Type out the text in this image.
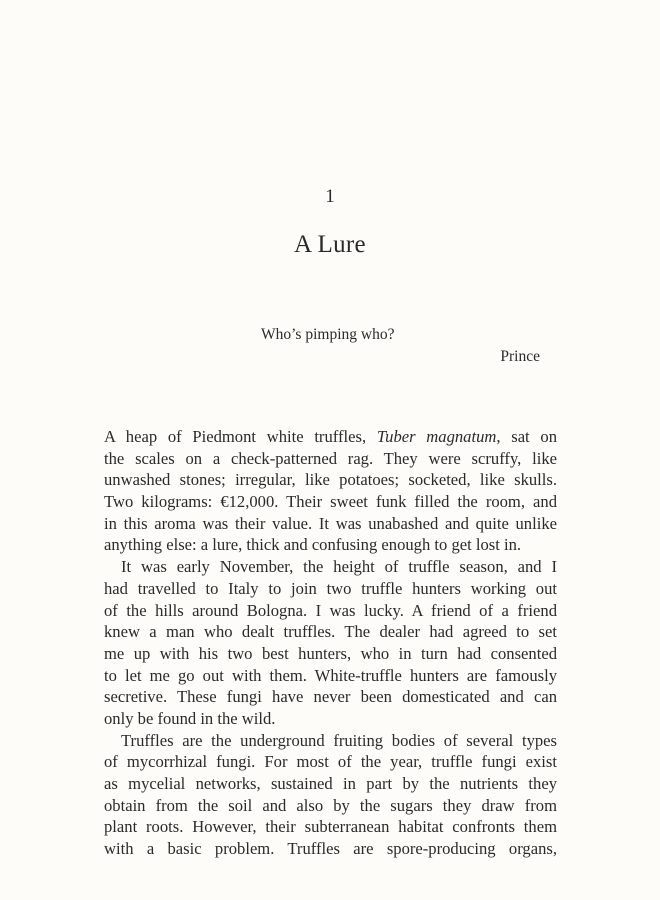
1
A Lure
Who’s pimping who?
Prince
A heap of Piedmont white truffles, Tuber magnatum, sat on
the scales on a check-patterned rag. They were scruffy, like
unwashed stones; irregular, like potatoes; socketed, like skulls.
Two kilograms: €12,000. Their sweet funk filled the room, and
in this aroma was their value. It was unabashed and quite unlike
anything else: a lure, thick and confusing enough to get lost in.
It was early November, the height of truffle season, and I
had travelled to Italy to join two truffle hunters working out
of the hills around Bologna. I was lucky. A friend of a friend
knew a man who dealt truffles. The dealer had agreed to set
me up with his two best hunters, who in turn had consented
to let me go out with them. White-truffle hunters are famously
secretive. These fungi have never been domesticated and can
only be found in the wild.
Truffles are the underground fruiting bodies of several types
of mycorrhizal fungi. For most of the year, truffle fungi exist
as mycelial networks, sustained in part by the nutrients they
obtain from the soil and also by the sugars they draw from
plant roots. However, their subterranean habitat confronts them
with a basic problem. Truffles are spore-producing organs,
